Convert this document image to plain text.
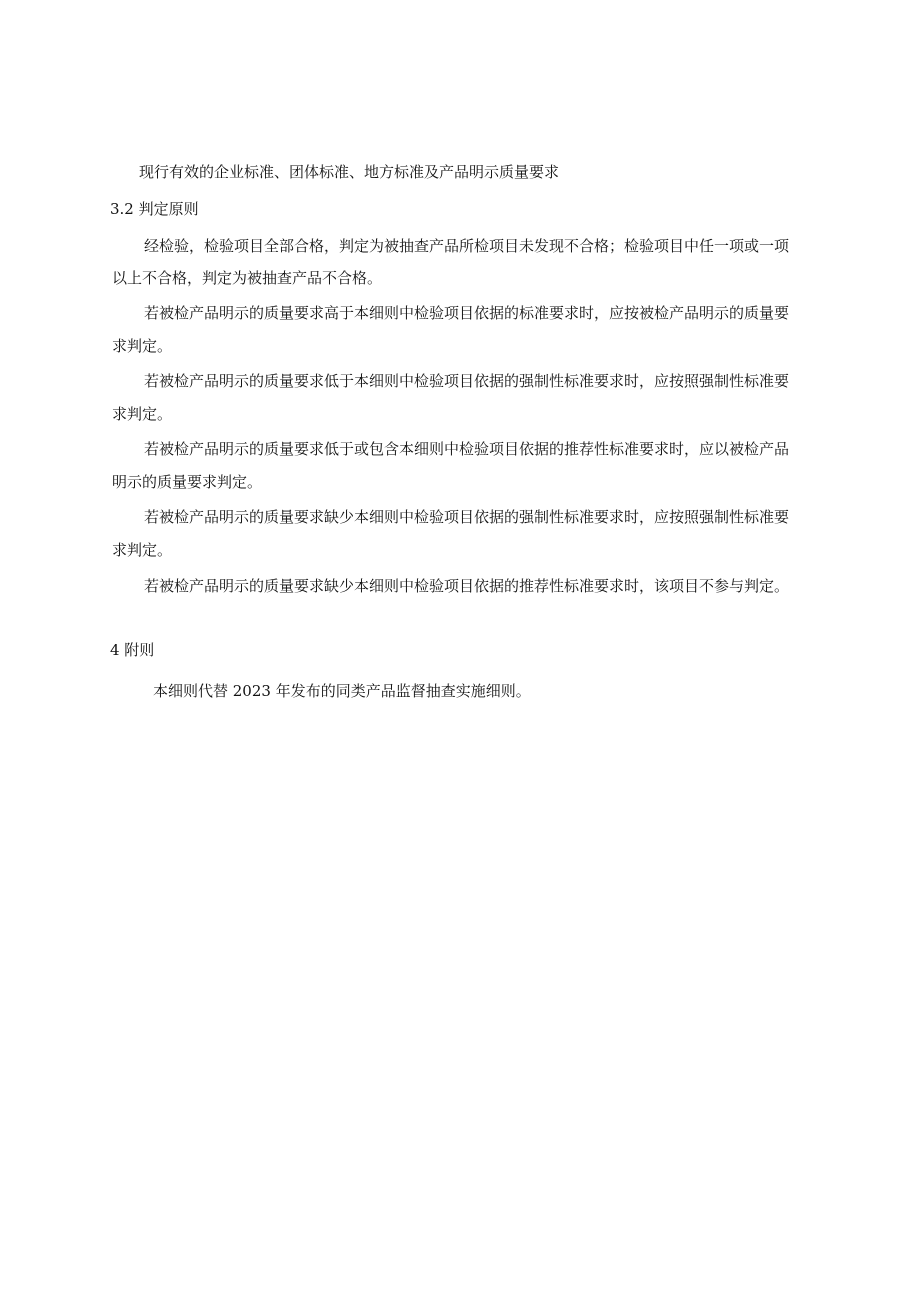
现行有效的企业标准、团体标准、地方标准及产品明示质量要求

3.2 判定原则

经检验，检验项目全部合格，判定为被抽查产品所检项目未发现不合格；检验项目中任一项或一项

以上不合格，判定为被抽查产品不合格。

若被检产品明示的质量要求高于本细则中检验项目依据的标准要求时，应按被检产品明示的质量要

求判定。

若被检产品明示的质量要求低于本细则中检验项目依据的强制性标准要求时，应按照强制性标准要

求判定。

若被检产品明示的质量要求低于或包含本细则中检验项目依据的推荐性标准要求时，应以被检产品

明示的质量要求判定。

若被检产品明示的质量要求缺少本细则中检验项目依据的强制性标准要求时，应按照强制性标准要

求判定。

若被检产品明示的质量要求缺少本细则中检验项目依据的推荐性标准要求时，该项目不参与判定。

4 附则

本细则代替 2023 年发布的同类产品监督抽查实施细则。
